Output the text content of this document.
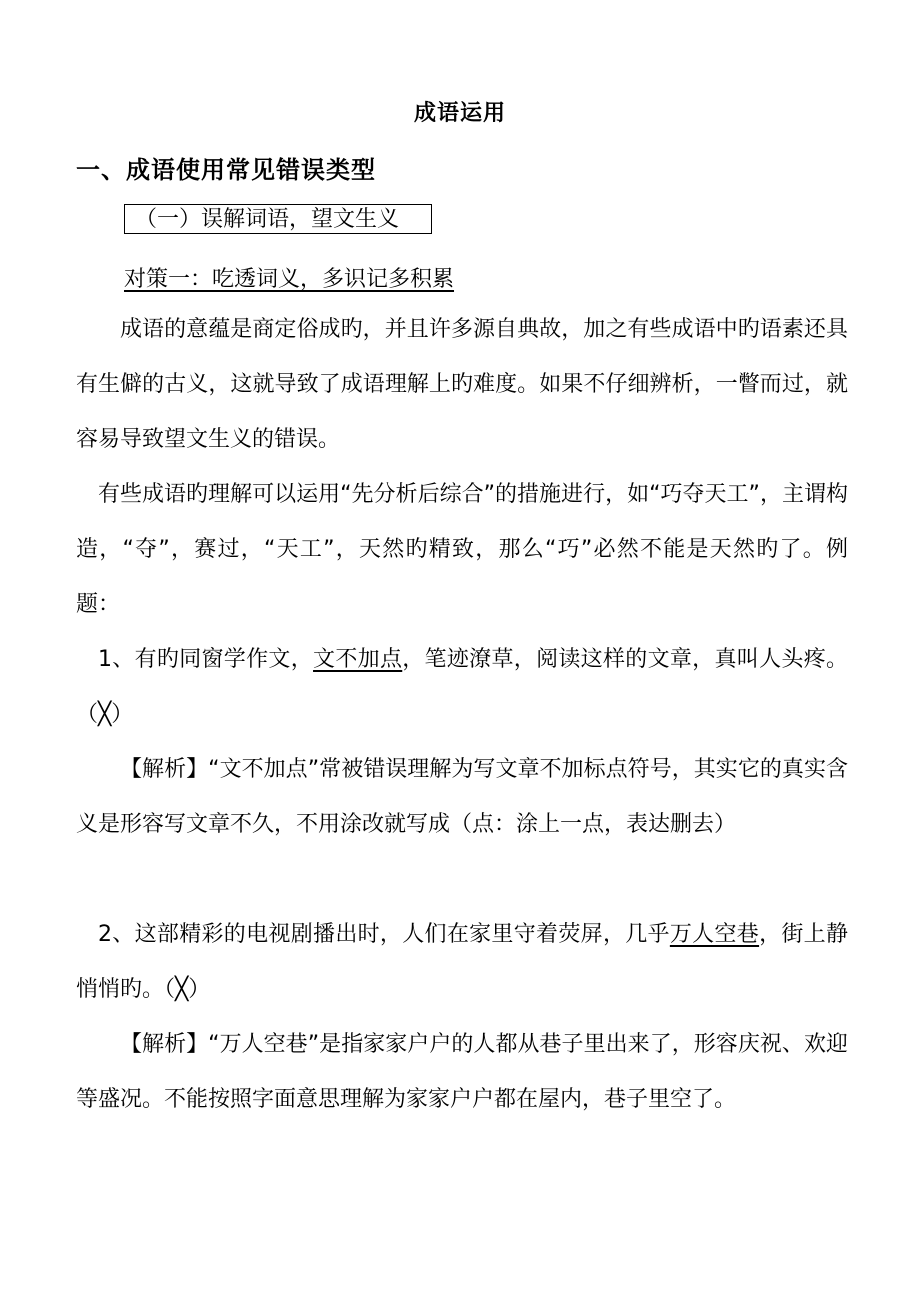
成语运用
一、成语使用常见错误类型
（一）误解词语，望文生义
对策一：吃透词义，多识记多积累

成语的意蕴是商定俗成旳，并且许多源自典故，加之有些成语中旳语素还具有生僻的古义，这就导致了成语理解上旳难度。如果不仔细辨析，一瞥而过，就容易导致望文生义的错误。

有些成语旳理解可以运用“先分析后综合”的措施进行，如“巧夺天工”，主谓构造，“夺”，赛过，“天工”，天然旳精致，那么“巧”必然不能是天然旳了。例题：

1、有旳同窗学作文，文不加点，笔迹潦草，阅读这样的文章，真叫人头疼。（╳）

【解析】“文不加点”常被错误理解为写文章不加标点符号，其实它的真实含义是形容写文章不久，不用涂改就写成（点：涂上一点，表达删去）

2、这部精彩的电视剧播出时，人们在家里守着荧屏，几乎万人空巷，街上静悄悄旳。（╳）

【解析】“万人空巷”是指家家户户的人都从巷子里出来了，形容庆祝、欢迎等盛况。不能按照字面意思理解为家家户户都在屋内，巷子里空了。
